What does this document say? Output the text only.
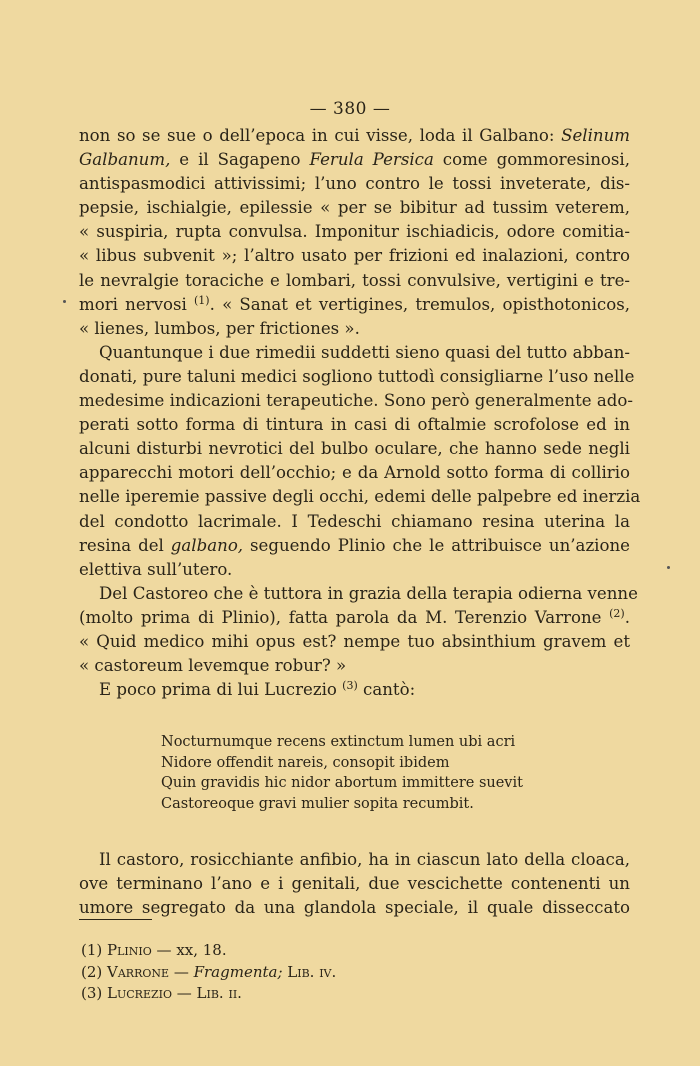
— 380 —

non so se sue o dell’epoca in cui visse, loda il Galbano: Selinum
Galbanum, e il Sagapeno Ferula Persica come gommoresinosi,
antispasmodici attivissimi; l’uno contro le tossi inveterate, dis-
pepsie, ischialgie, epilessie « per se bibitur ad tussim veterem,
« suspiria, rupta convulsa. Imponitur ischiadicis, odore comitia-
« libus subvenit »; l’altro usato per frizioni ed inalazioni, contro
le nevralgie toraciche e lombari, tossi convulsive, vertigini e tre-
mori nervosi $^{(1)}$. « Sanat et vertigines, tremulos, opisthotonicos,
« lienes, lumbos, per frictiones ».

Quantunque i due rimedii suddetti sieno quasi del tutto abban-
donati, pure taluni medici sogliono tuttodì consigliarne l’uso nelle
medesime indicazioni terapeutiche. Sono però generalmente ado-
perati sotto forma di tintura in casi di oftalmie scrofolose ed in
alcuni disturbi nevrotici del bulbo oculare, che hanno sede negli
apparecchi motori dell’occhio; e da Arnold sotto forma di collirio
nelle iperemie passive degli occhi, edemi delle palpebre ed inerzia
del condotto lacrimale. I Tedeschi chiamano resina uterina la
resina del galbano, seguendo Plinio che le attribuisce un’azione
elettiva sull’utero.

Del Castoreo che è tuttora in grazia della terapia odierna venne
(molto prima di Plinio), fatta parola da M. Terenzio Varrone $^{(2)}$.
« Quid medico mihi opus est? nempe tuo absinthium gravem et
« castoreum levemque robur? »

E poco prima di lui Lucrezio $^{(3)}$ cantò:

Nocturnumque recens extinctum lumen ubi acri
Nidore offendit nareis, consopit ibidem
Quin gravidis hic nidor abortum immittere suevit
Castoreoque gravi mulier sopita recumbit.

Il castoro, rosicchiante anfibio, ha in ciascun lato della cloaca,
ove terminano l’ano e i genitali, due vescichette contenenti un
umore segregato da una glandola speciale, il quale disseccato

(1) Plinio — xx, 18.
(2) Varrone — Fragmenta; Lib. iv.
(3) Lucrezio — Lib. ii.
